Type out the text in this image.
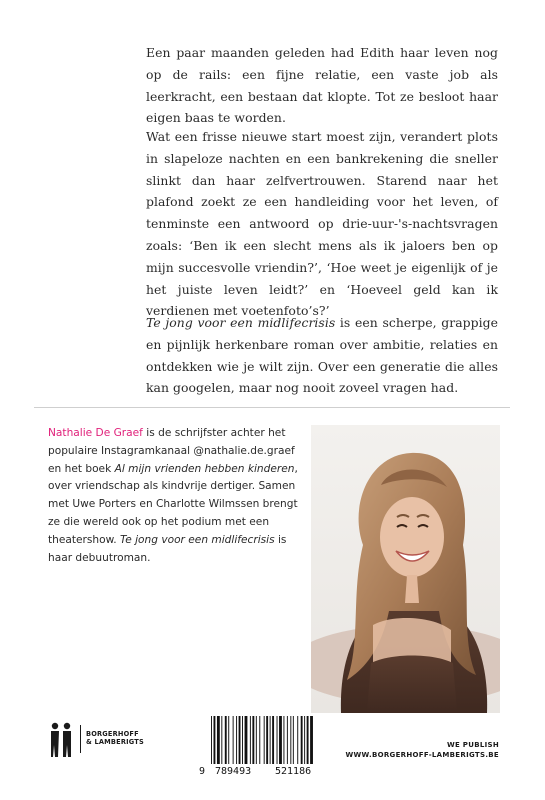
Een paar maanden geleden had Edith haar leven nog op de rails: een fijne relatie, een vaste job als leerkracht, een bestaan dat klopte. Tot ze besloot haar eigen baas te worden.

Wat een frisse nieuwe start moest zijn, verandert plots in slapeloze nachten en een bankrekening die sneller slinkt dan haar zelfvertrouwen. Starend naar het plafond zoekt ze een handleiding voor het leven, of tenminste een antwoord op drie-uur-'s-nachtsvragen zoals: ‘Ben ik een slecht mens als ik jaloers ben op mijn succesvolle vriendin?’, ‘Hoe weet je eigenlijk of je het juiste leven leidt?’ en ‘Hoeveel geld kan ik verdienen met voetenfoto’s?’

Te jong voor een midlifecrisis is een scherpe, grappige en pijnlijk herkenbare roman over ambitie, relaties en ontdekken wie je wilt zijn. Over een generatie die alles kan googelen, maar nog nooit zoveel vragen had.

Nathalie De Graef is de schrijfster achter het populaire Instagramkanaal @nathalie.de.graef en het boek Al mijn vrienden hebben kinderen, over vriendschap als kindvrije dertiger. Samen met Uwe Porters en Charlotte Wilmssen brengt ze die wereld ook op het podium met een theatershow. Te jong voor een midlifecrisis is haar debuutroman.

BORGERHOFF
& LAMBERIGTS
9 789493 521186
WE PUBLISH
WWW.BORGERHOFF-LAMBERIGTS.BE
